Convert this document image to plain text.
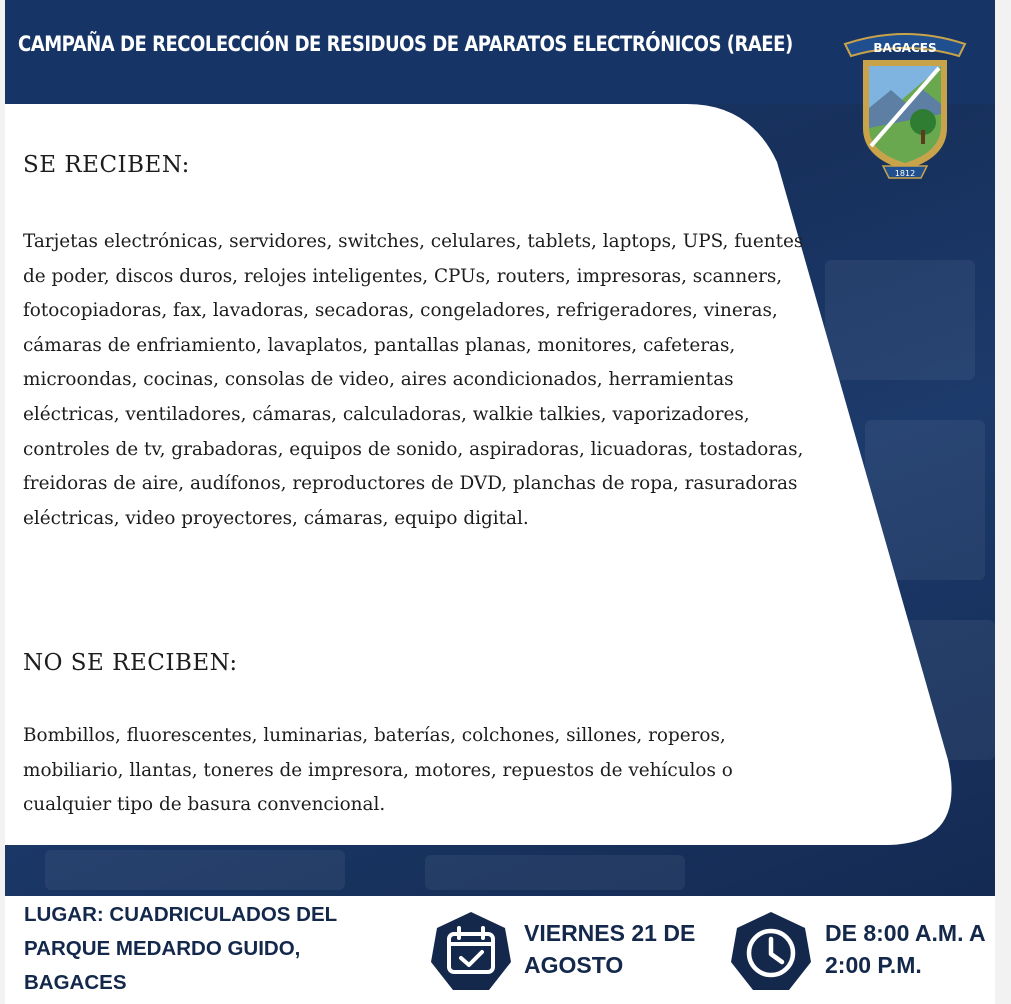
CAMPAÑA DE RECOLECCIÓN DE RESIDUOS DE APARATOS ELECTRÓNICOS (RAEE)	BAGACES
1812
SE RECIBEN:
Tarjetas electrónicas, servidores, switches, celulares, tablets, laptops, UPS, fuentes de poder, discos duros, relojes inteligentes, CPUs, routers, impresoras, scanners, fotocopiadoras, fax, lavadoras, secadoras, congeladores, refrigeradores, vineras, cámaras de enfriamiento, lavaplatos, pantallas planas, monitores, cafeteras, microondas, cocinas, consolas de video, aires acondicionados, herramientas eléctricas, ventiladores, cámaras, calculadoras, walkie talkies, vaporizadores, controles de tv, grabadoras, equipos de sonido, aspiradoras, licuadoras, tostadoras, freidoras de aire, audífonos, reproductores de DVD, planchas de ropa, rasuradoras eléctricas, video proyectores, cámaras, equipo digital.
NO SE RECIBEN:
Bombillos, fluorescentes, luminarias, baterías, colchones, sillones, roperos, mobiliario, llantas, toneres de impresora, motores, repuestos de vehículos o cualquier tipo de basura convencional.
LUGAR: CUADRICULADOS DEL PARQUE MEDARDO GUIDO, BAGACES
VIERNES 21 DE AGOSTO
DE 8:00 A.M. A 2:00 P.M.
